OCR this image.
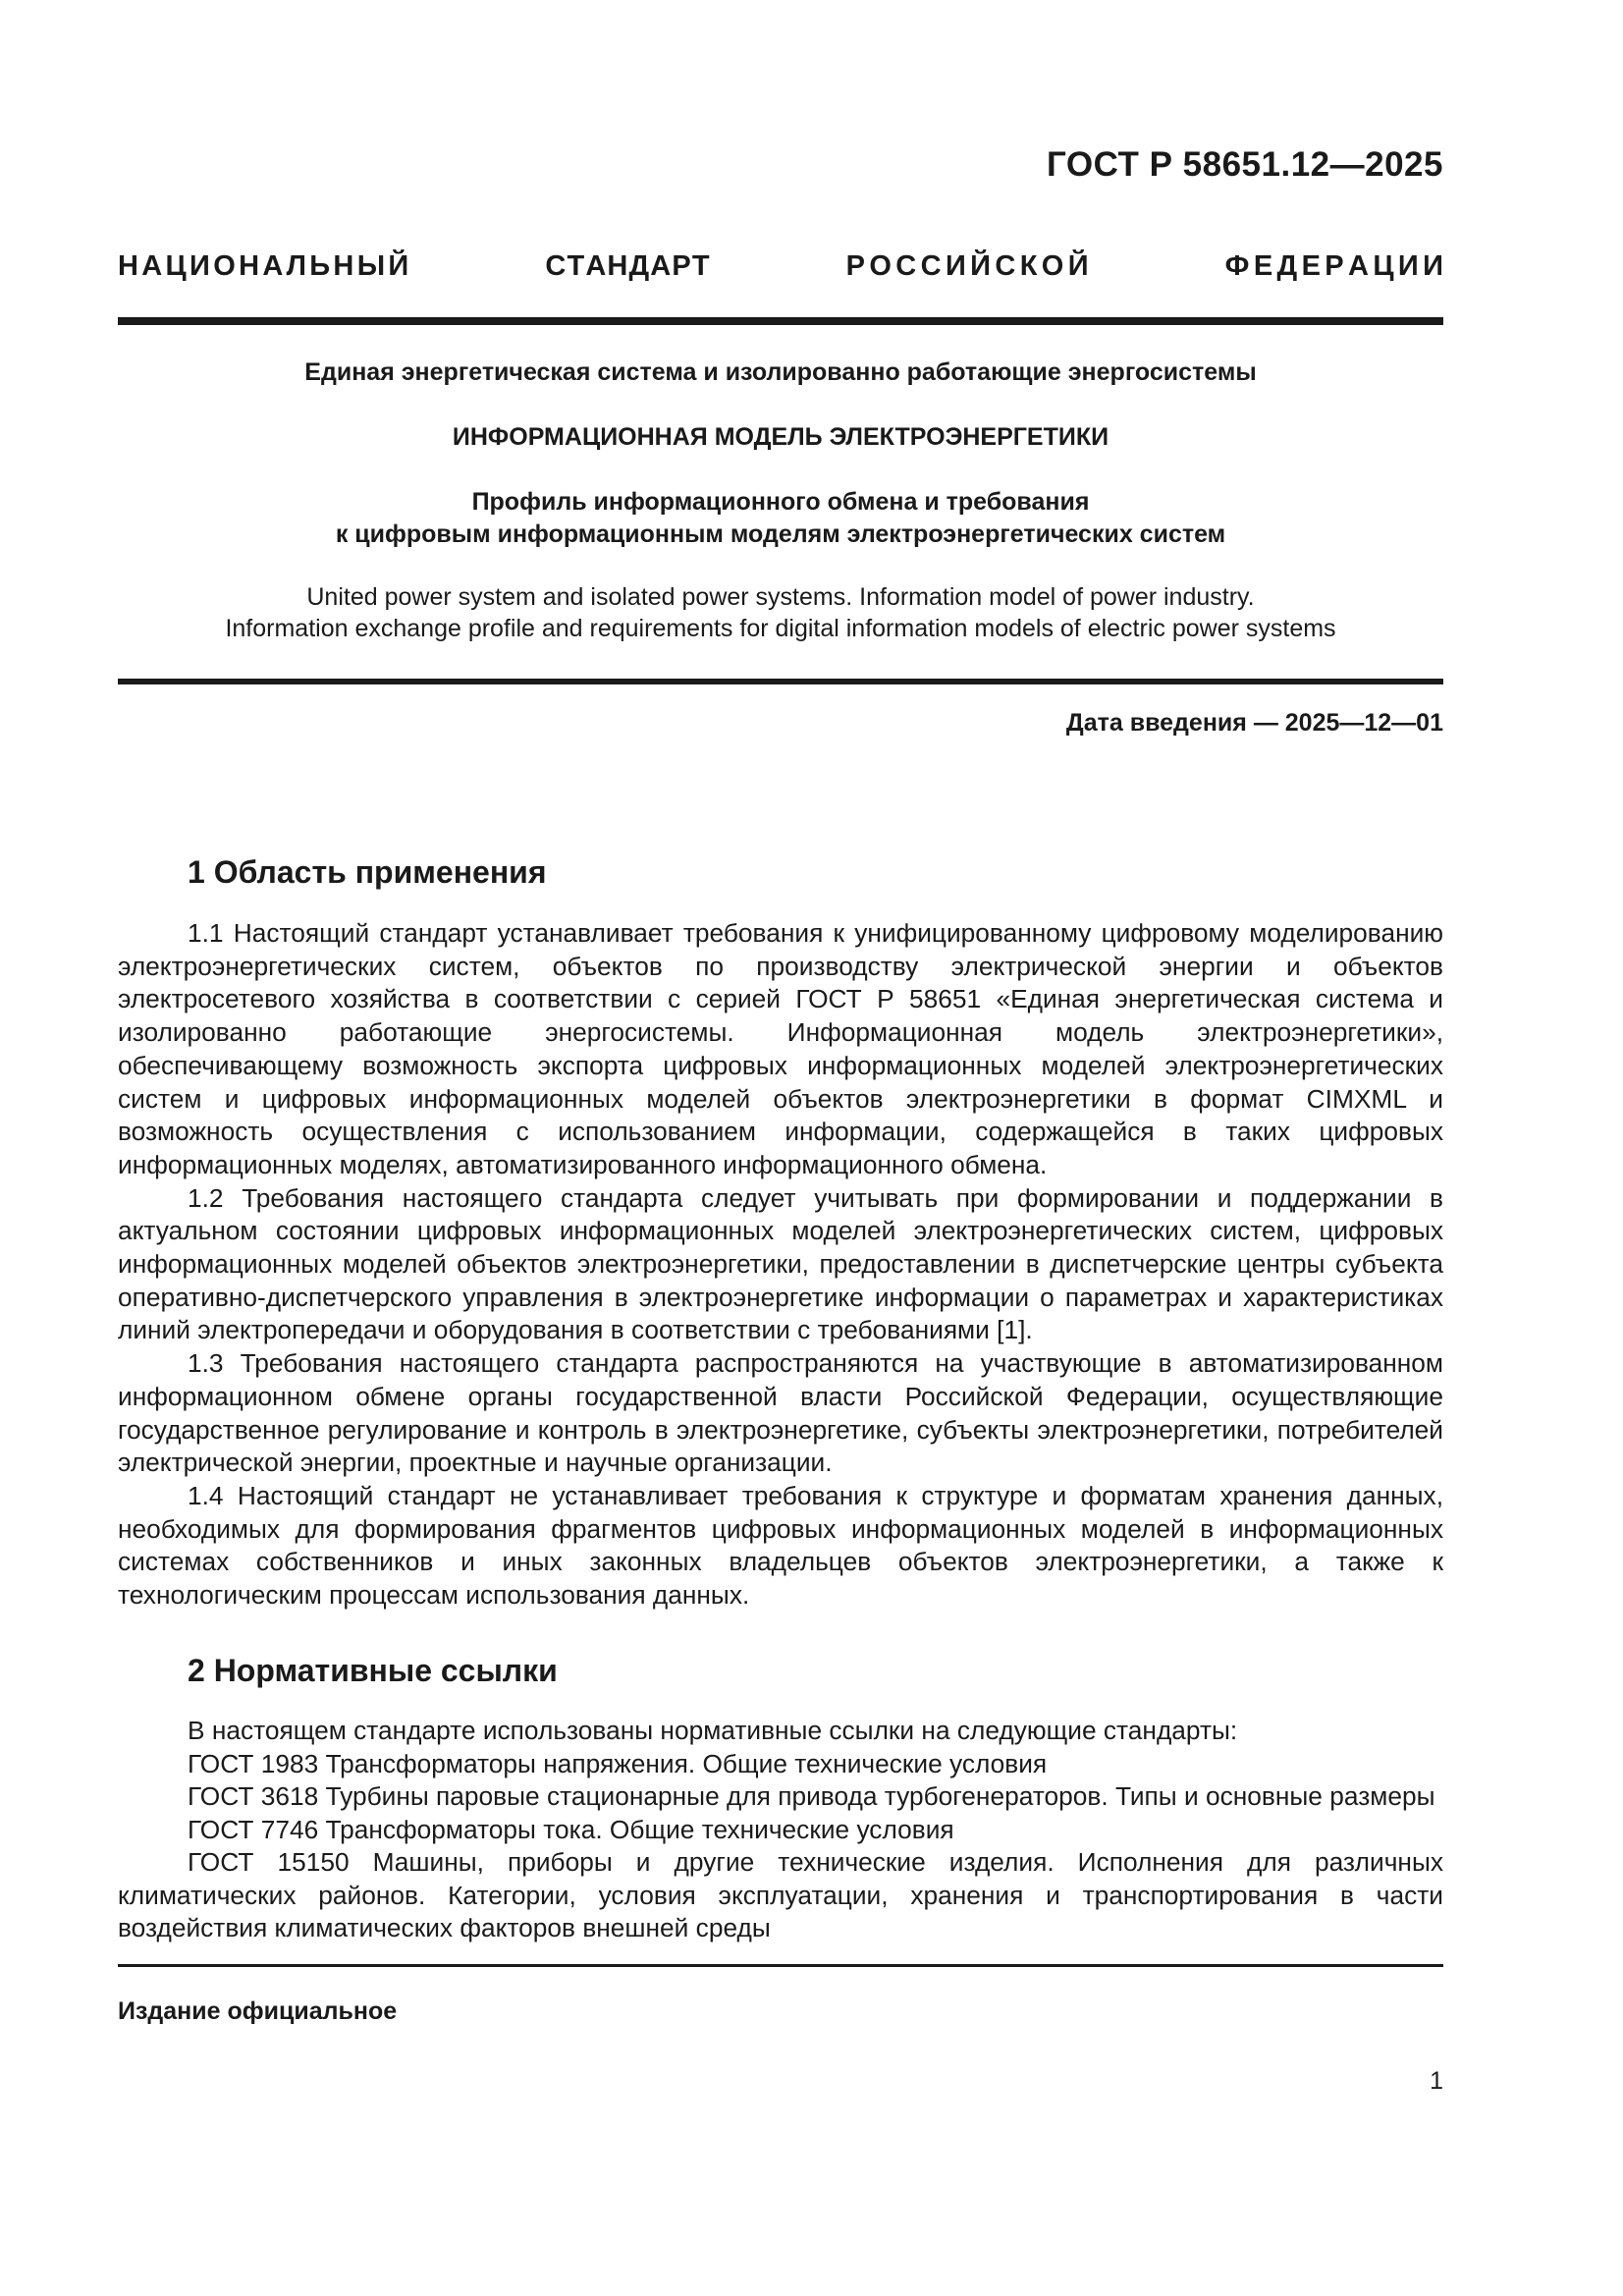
ГОСТ Р 58651.12—2025
Н А Ц И О Н А Л Ь Н Ы Й	С Т А Н Д А Р Т	Р О С С И Й С К О Й	Ф Е Д Е Р А Ц И И
Единая энергетическая система и изолированно работающие энергосистемы
ИНФОРМАЦИОННАЯ МОДЕЛЬ ЭЛЕКТРОЭНЕРГЕТИКИ
Профиль информационного обмена и требования
к цифровым информационным моделям электроэнергетических систем
United power system and isolated power systems. Information model of power industry.
Information exchange profile and requirements for digital information models of electric power systems
Дата введения — 2025—12—01
1 Область применения

1.1 Настоящий стандарт устанавливает требования к унифицированному цифровому моделированию электроэнергетических систем, объектов по производству электрической энергии и объектов электросетевого хозяйства в соответствии с серией ГОСТ Р 58651 «Единая энергетическая система и изолированно работающие энергосистемы. Информационная модель электроэнергетики», обеспечивающему возможность экспорта цифровых информационных моделей электроэнергетических систем и цифровых информационных моделей объектов электроэнергетики в формат CIMXML и возможность осуществления с использованием информации, содержащейся в таких цифровых информационных моделях, автоматизированного информационного обмена.

1.2 Требования настоящего стандарта следует учитывать при формировании и поддержании в актуальном состоянии цифровых информационных моделей электроэнергетических систем, цифровых информационных моделей объектов электроэнергетики, предоставлении в диспетчерские центры субъекта оперативно-диспетчерского управления в электроэнергетике информации о параметрах и характеристиках линий электропередачи и оборудования в соответствии с требованиями [1].

1.3 Требования настоящего стандарта распространяются на участвующие в автоматизированном информационном обмене органы государственной власти Российской Федерации, осуществляющие государственное регулирование и контроль в электроэнергетике, субъекты электроэнергетики, потребителей электрической энергии, проектные и научные организации.

1.4 Настоящий стандарт не устанавливает требования к структуре и форматам хранения данных, необходимых для формирования фрагментов цифровых информационных моделей в информационных системах собственников и иных законных владельцев объектов электроэнергетики, а также к технологическим процессам использования данных.

2 Нормативные ссылки

В настоящем стандарте использованы нормативные ссылки на следующие стандарты:

ГОСТ 1983 Трансформаторы напряжения. Общие технические условия

ГОСТ 3618 Турбины паровые стационарные для привода турбогенераторов. Типы и основные размеры

ГОСТ 7746 Трансформаторы тока. Общие технические условия

ГОСТ 15150 Машины, приборы и другие технические изделия. Исполнения для различных климатических районов. Категории, условия эксплуатации, хранения и транспортирования в части воздействия климатических факторов внешней среды

Издание официальное
1
